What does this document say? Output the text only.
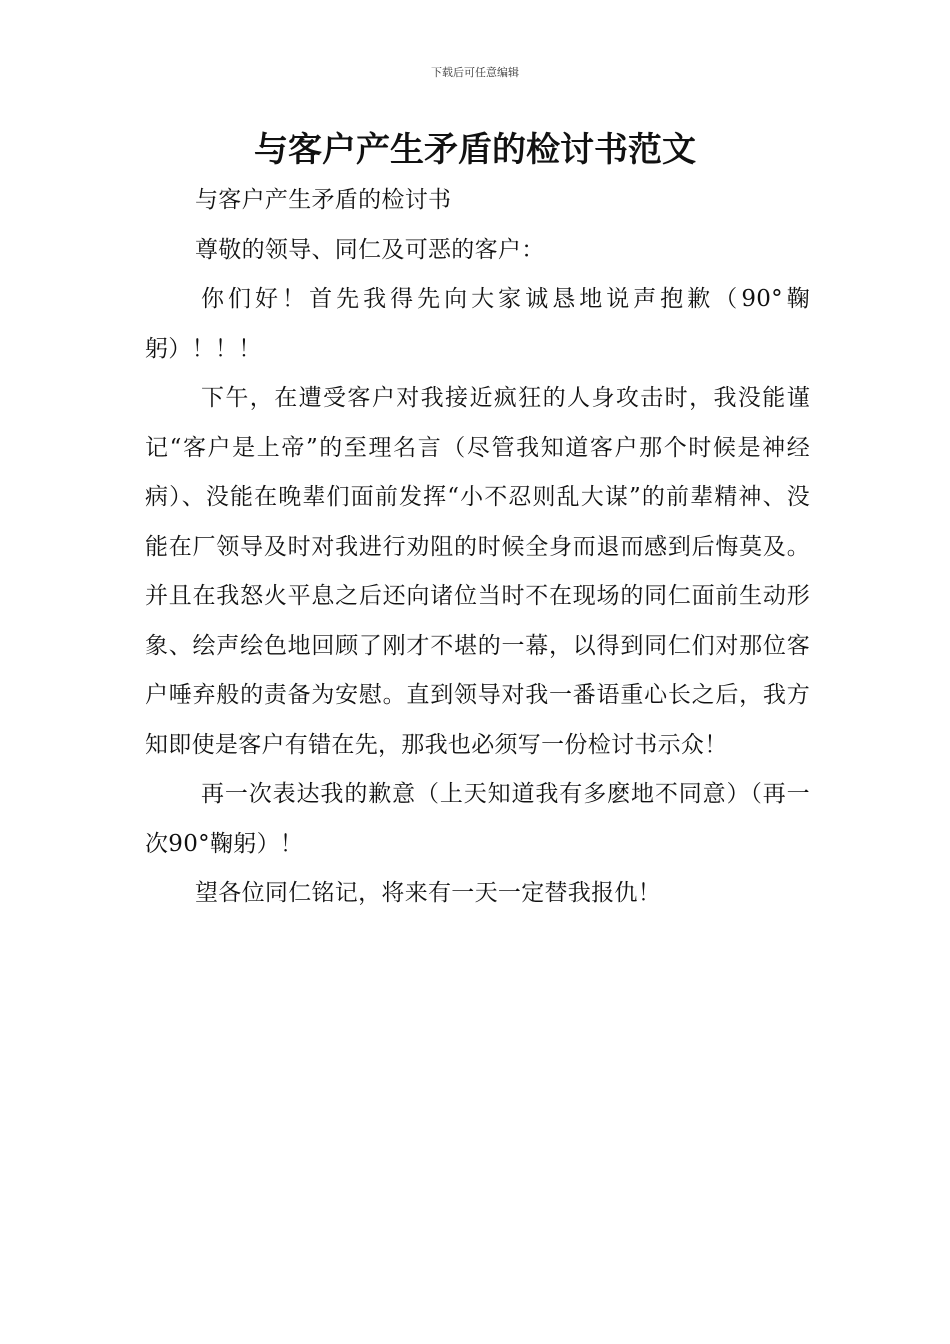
下载后可任意编辑
与客户产生矛盾的检讨书范文

与客户产生矛盾的检讨书

尊敬的领导、同仁及可恶的客户：

你们好！首先我得先向大家诚恳地说声抱歉（90°鞠躬）！！！

下午，在遭受客户对我接近疯狂的人身攻击时，我没能谨记“客户是上帝”的至理名言（尽管我知道客户那个时候是神经病）、没能在晚辈们面前发挥“小不忍则乱大谋”的前辈精神、没能在厂领导及时对我进行劝阻的时候全身而退而感到后悔莫及。并且在我怒火平息之后还向诸位当时不在现场的同仁面前生动形象、绘声绘色地回顾了刚才不堪的一幕，以得到同仁们对那位客户唾弃般的责备为安慰。直到领导对我一番语重心长之后，我方知即使是客户有错在先，那我也必须写一份检讨书示众！

再一次表达我的歉意（上天知道我有多麽地不同意）（再一次90°鞠躬）！

望各位同仁铭记，将来有一天一定替我报仇！
